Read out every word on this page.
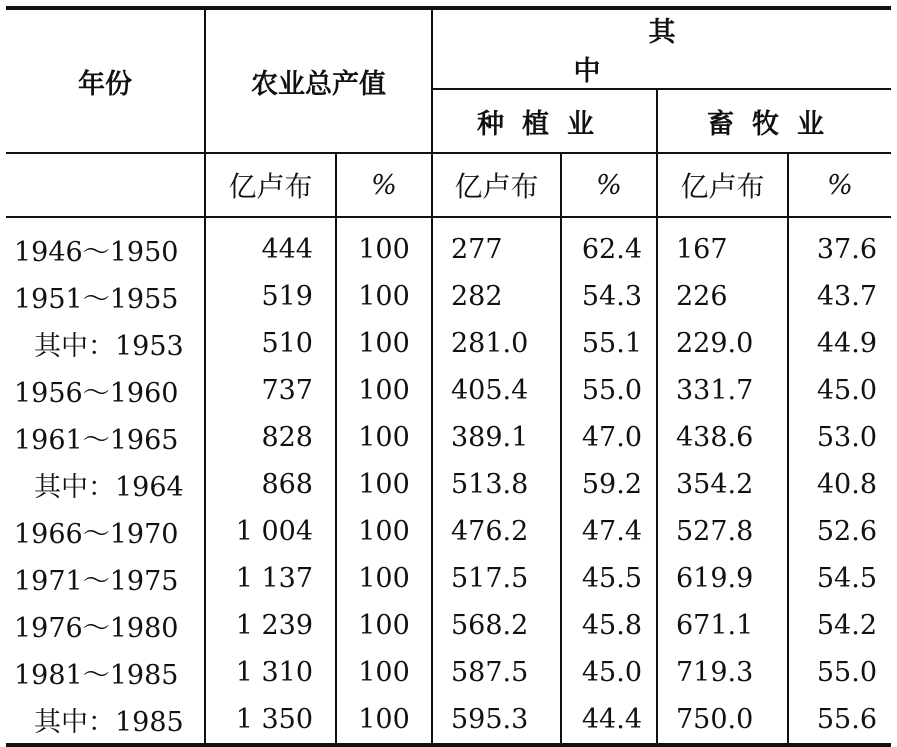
年份	农业总产值		其中			
			种植业		畜牧业	
	亿卢布	%	亿卢布	%	亿卢布	%
1946～1950	444	100	277	62.4	167	37.6
1951～1955	519	100	282	54.3	226	43.7
其中：1953	510	100	281.0	55.1	229.0	44.9
1956～1960	737	100	405.4	55.0	331.7	45.0
1961～1965	828	100	389.1	47.0	438.6	53.0
其中：1964	868	100	513.8	59.2	354.2	40.8
1966～1970	1 004	100	476.2	47.4	527.8	52.6
1971～1975	1 137	100	517.5	45.5	619.9	54.5
1976～1980	1 239	100	568.2	45.8	671.1	54.2
1981～1985	1 310	100	587.5	45.0	719.3	55.0
其中：1985	1 350	100	595.3	44.4	750.0	55.6
